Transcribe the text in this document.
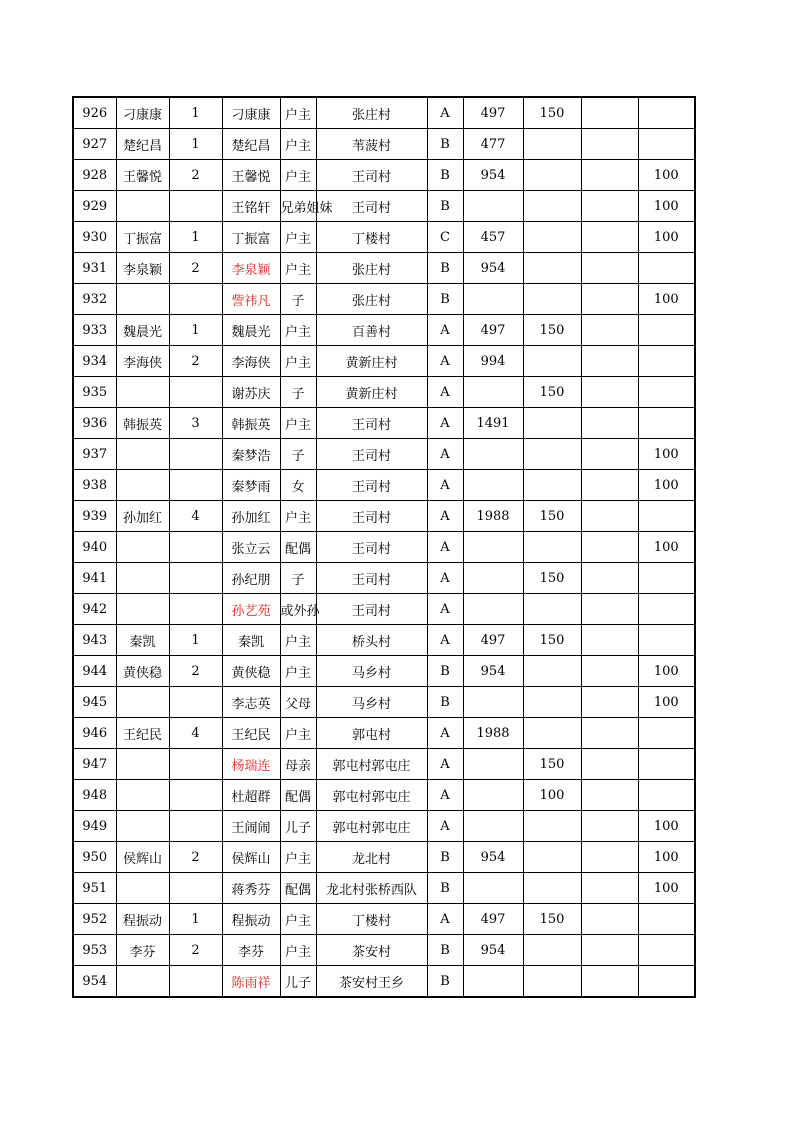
926	刁康康	1	刁康康	户主	张庄村	A	497	150		
927	楚纪昌	1	楚纪昌	户主	苇菠村	B	477			
928	王馨悦	2	王馨悦	户主	王司村	B	954			100
929			王铭轩	兄弟姐妹	王司村	B				100
930	丁振富	1	丁振富	户主	丁楼村	C	457			100
931	李泉颖	2	李泉颖	户主	张庄村	B	954			
932			訾祎凡	子	张庄村	B				100
933	魏晨光	1	魏晨光	户主	百善村	A	497	150		
934	李海侠	2	李海侠	户主	黄新庄村	A	994			
935			谢苏庆	子	黄新庄村	A		150		
936	韩振英	3	韩振英	户主	王司村	A	1491			
937			秦梦浩	子	王司村	A				100
938			秦梦雨	女	王司村	A				100
939	孙加红	4	孙加红	户主	王司村	A	1988	150		
940			张立云	配偶	王司村	A				100
941			孙纪朋	子	王司村	A		150		
942			孙艺苑	或外孙	王司村	A				
943	秦凯	1	秦凯	户主	桥头村	A	497	150		
944	黄侠稳	2	黄侠稳	户主	马乡村	B	954			100
945			李志英	父母	马乡村	B				100
946	王纪民	4	王纪民	户主	郭屯村	A	1988			
947			杨瑞连	母亲	郭屯村郭屯庄	A		150		
948			杜超群	配偶	郭屯村郭屯庄	A		100		
949			王闹闹	儿子	郭屯村郭屯庄	A				100
950	侯辉山	2	侯辉山	户主	龙北村	B	954			100
951			蒋秀芬	配偶	龙北村张桥西队	B				100
952	程振动	1	程振动	户主	丁楼村	A	497	150		
953	李芬	2	李芬	户主	茶安村	B	954			
954			陈雨祥	儿子	茶安村王乡	B				
